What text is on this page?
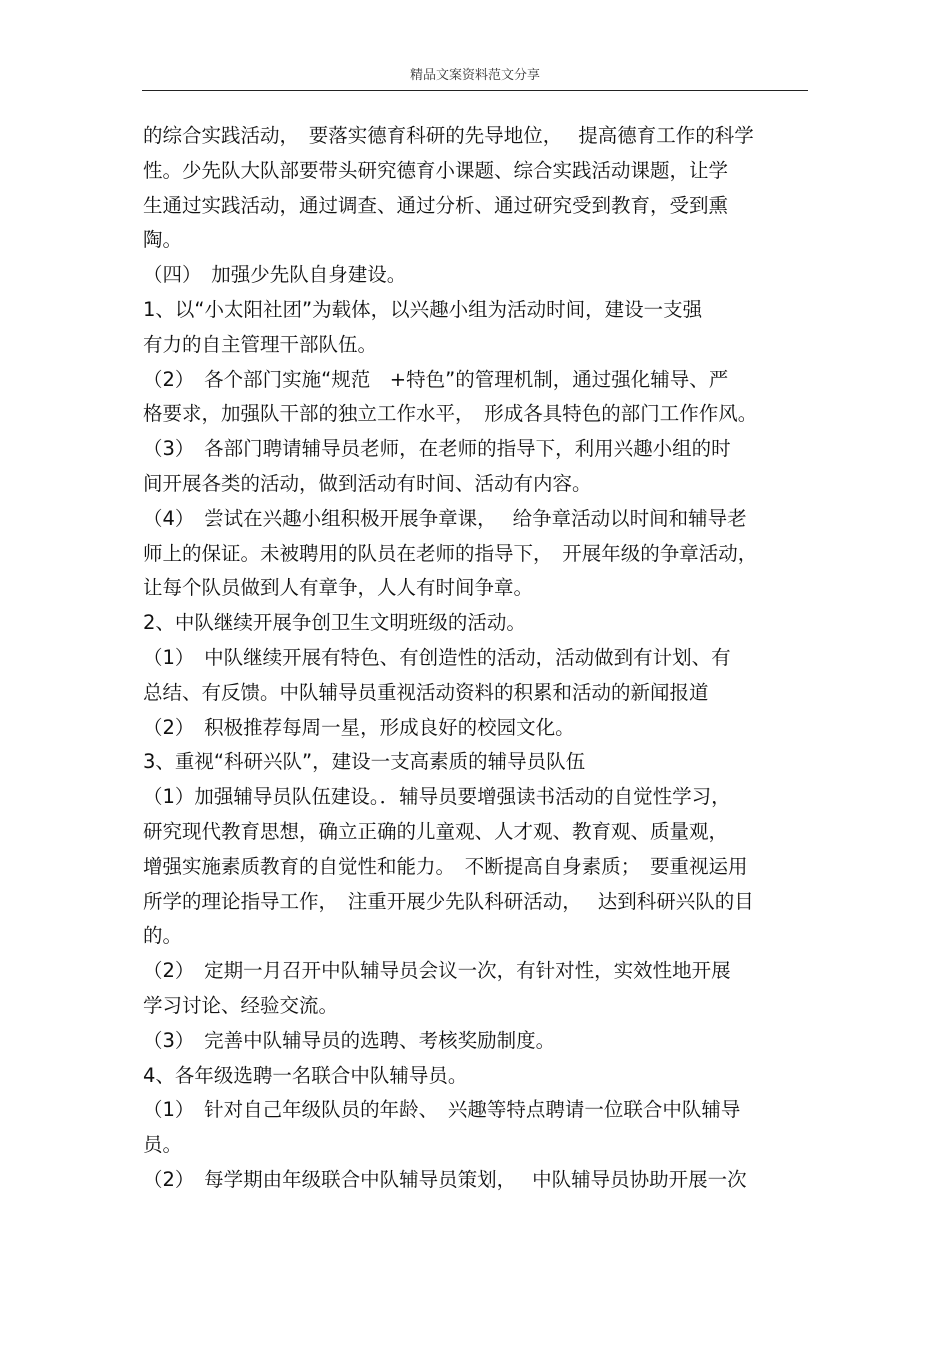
精品文案资料范文分享
的综合实践活动，　要落实德育科研的先导地位，　 提高德育工作的科学
性。少先队大队部要带头研究德育小课题、综合实践活动课题，让学
生通过实践活动，通过调查、通过分析、通过研究受到教育，受到熏
陶。
（四）　加强少先队自身建设。
1、以“小太阳社团”为载体，以兴趣小组为活动时间，建设一支强
有力的自主管理干部队伍。
（2）　各个部门实施“规范　+特色”的管理机制，通过强化辅导、严
格要求，加强队干部的独立工作水平，　形成各具特色的部门工作作风。
（3）　各部门聘请辅导员老师，在老师的指导下，利用兴趣小组的时
间开展各类的活动，做到活动有时间、活动有内容。
（4）　尝试在兴趣小组积极开展争章课，　 给争章活动以时间和辅导老
师上的保证。未被聘用的队员在老师的指导下，　开展年级的争章活动，
让每个队员做到人有章争，人人有时间争章。
2、中队继续开展争创卫生文明班级的活动。
（1）　中队继续开展有特色、有创造性的活动，活动做到有计划、有
总结、有反馈。中队辅导员重视活动资料的积累和活动的新闻报道
（2）　积极推荐每周一星，形成良好的校园文化。
3、重视“科研兴队”，建设一支高素质的辅导员队伍
（1）加强辅导员队伍建设。．辅导员要增强读书活动的自觉性学习，
研究现代教育思想，确立正确的儿童观、人才观、教育观、质量观，
增强实施素质教育的自觉性和能力。　不断提高自身素质；　要重视运用
所学的理论指导工作，　注重开展少先队科研活动，　 达到科研兴队的目
的。
（2）　定期一月召开中队辅导员会议一次，有针对性，实效性地开展
学习讨论、经验交流。
（3）　完善中队辅导员的选聘、考核奖励制度。
4、各年级选聘一名联合中队辅导员。
（1）　针对自己年级队员的年龄、　兴趣等特点聘请一位联合中队辅导
员。
（2）　每学期由年级联合中队辅导员策划，　 中队辅导员协助开展一次
